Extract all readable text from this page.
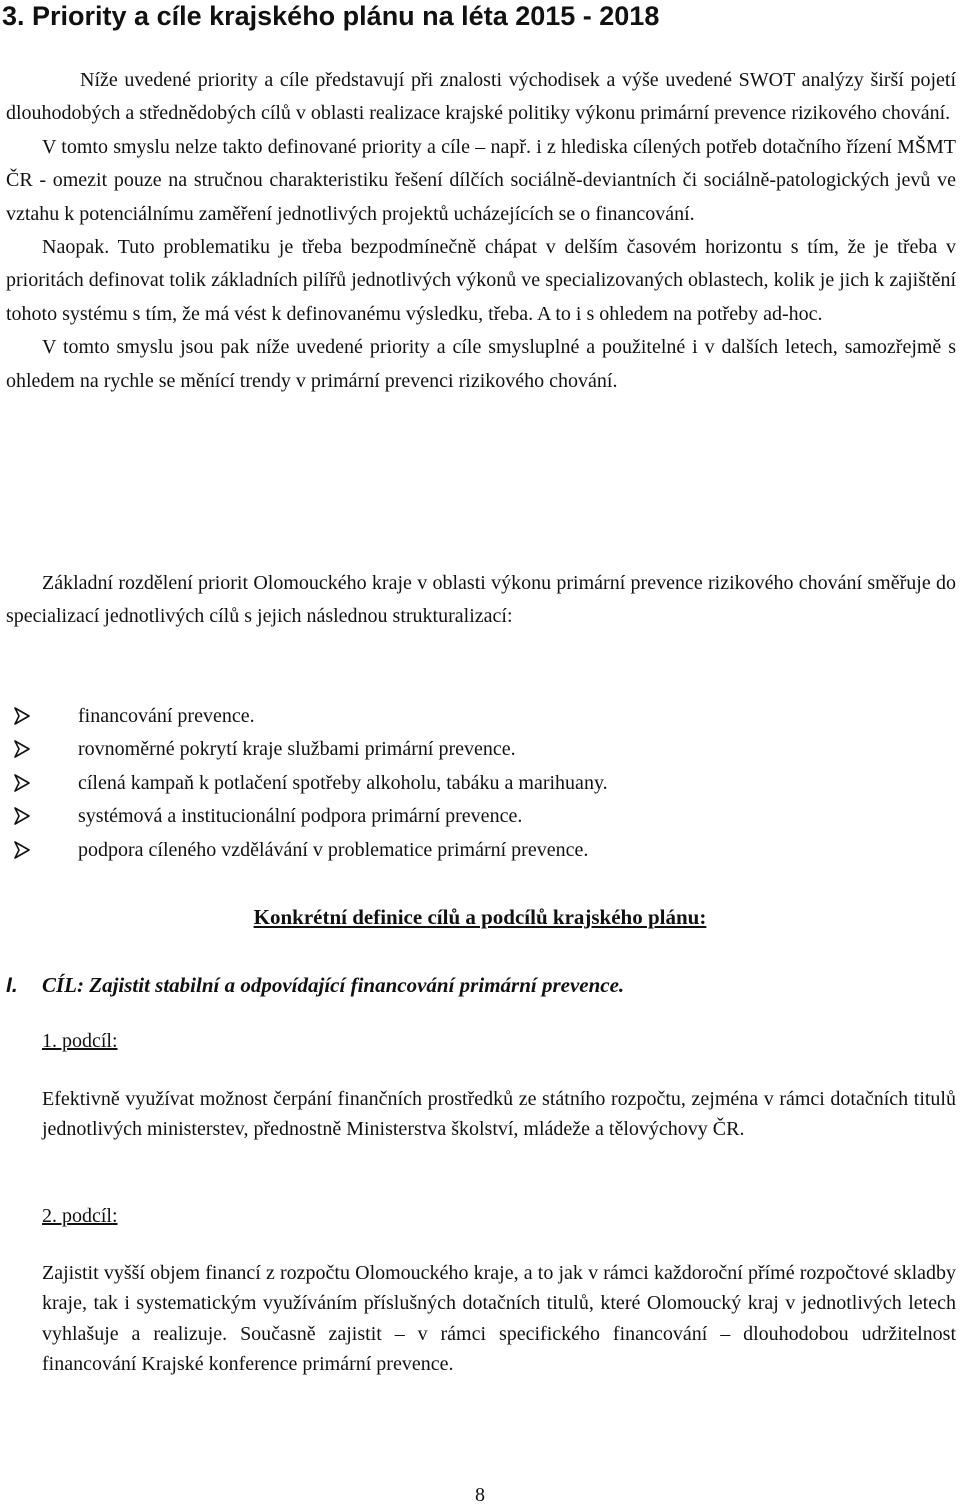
3. Priority a cíle krajského plánu na léta 2015 - 2018

Níže uvedené priority a cíle představují při znalosti východisek a výše uvedené SWOT analýzy širší pojetí dlouhodobých a střednědobých cílů v oblasti realizace krajské politiky výkonu primární prevence rizikového chování.

V tomto smyslu nelze takto definované priority a cíle – např. i z hlediska cílených potřeb dotačního řízení MŠMT ČR - omezit pouze na stručnou charakteristiku řešení dílčích sociálně-deviantních či sociálně-patologických jevů ve vztahu k potenciálnímu zaměření jednotlivých projektů ucházejících se o financování.

Naopak. Tuto problematiku je třeba bezpodmínečně chápat v delším časovém horizontu s tím, že je třeba v prioritách definovat tolik základních pilířů jednotlivých výkonů ve specializovaných oblastech, kolik je jich k zajištění tohoto systému s tím, že má vést k definovanému výsledku, třeba. A to i s ohledem na potřeby ad-hoc.

V tomto smyslu jsou pak níže uvedené priority a cíle smysluplné a použitelné i v dalších letech, samozřejmě s ohledem na rychle se měnící trendy v primární prevenci rizikového chování.

Základní rozdělení priorit Olomouckého kraje v oblasti výkonu primární prevence rizikového chování směřuje do specializací jednotlivých cílů s jejich následnou strukturalizací:

financování prevence.
rovnoměrné pokrytí kraje službami primární prevence.
cílená kampaň k potlačení spotřeby alkoholu, tabáku a marihuany.
systémová a institucionální podpora primární prevence.
podpora cíleného vzdělávání v problematice primární prevence.
Konkrétní definice cílů a podcílů krajského plánu:
I. CÍL: Zajistit stabilní a odpovídající financování primární prevence.
1. podcíl:

Efektivně využívat možnost čerpání finančních prostředků ze státního rozpočtu, zejména v rámci dotačních titulů jednotlivých ministerstev, přednostně Ministerstva školství, mládeže a tělovýchovy ČR.

2. podcíl:

Zajistit vyšší objem financí z rozpočtu Olomouckého kraje, a to jak v rámci každoroční přímé rozpočtové skladby kraje, tak i systematickým využíváním příslušných dotačních titulů, které Olomoucký kraj v jednotlivých letech vyhlašuje a realizuje. Současně zajistit – v rámci specifického financování – dlouhodobou udržitelnost financování Krajské konference primární prevence.

8
